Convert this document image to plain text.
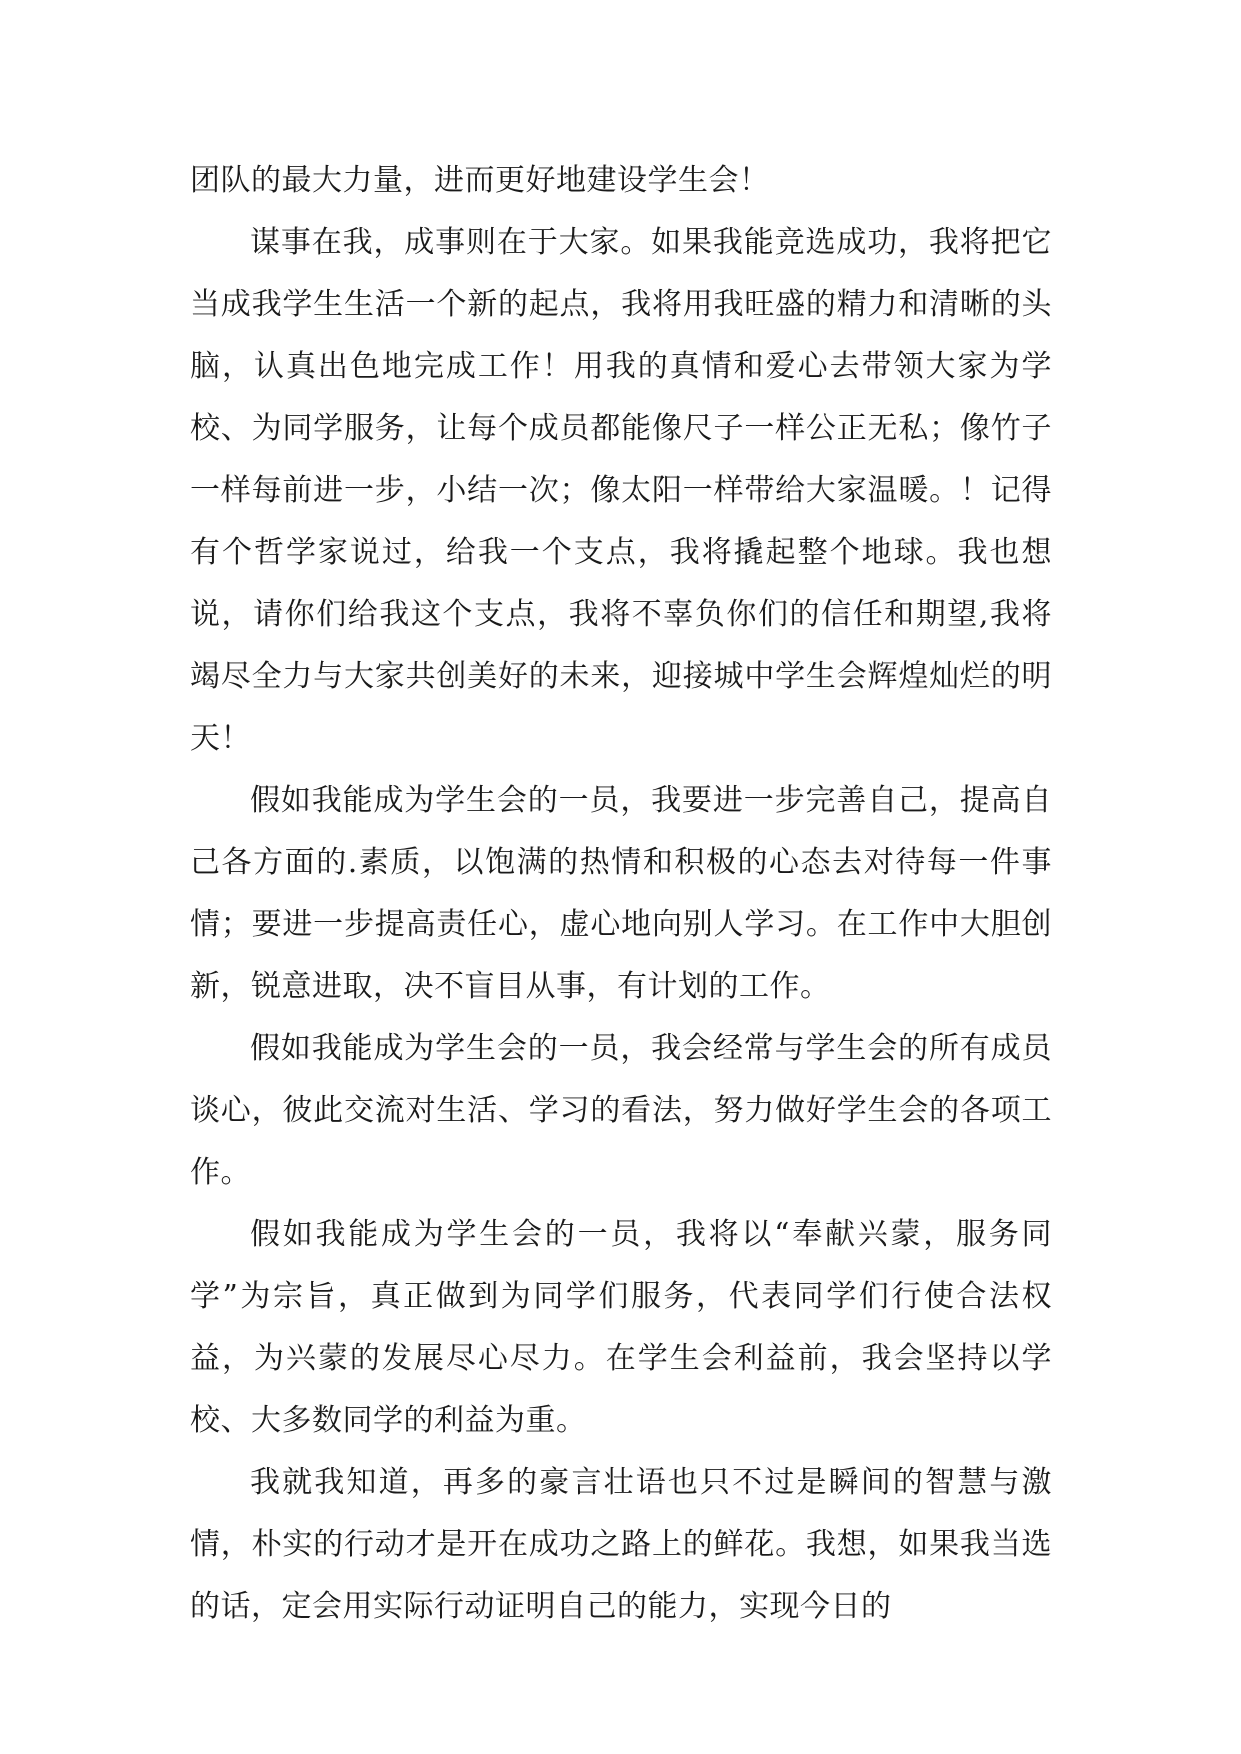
团队的最大力量，进而更好地建设学生会！

谋事在我，成事则在于大家。如果我能竞选成功，我将把它当成我学生生活一个新的起点，我将用我旺盛的精力和清晰的头脑，认真出色地完成工作！用我的真情和爱心去带领大家为学校、为同学服务，让每个成员都能像尺子一样公正无私；像竹子一样每前进一步，小结一次；像太阳一样带给大家温暖。！记得有个哲学家说过，给我一个支点，我将撬起整个地球。我也想说，请你们给我这个支点，我将不辜负你们的信任和期望,我将竭尽全力与大家共创美好的未来，迎接城中学生会辉煌灿烂的明天！

假如我能成为学生会的一员，我要进一步完善自己，提高自己各方面的.素质，以饱满的热情和积极的心态去对待每一件事情；要进一步提高责任心，虚心地向别人学习。在工作中大胆创新，锐意进取，决不盲目从事，有计划的工作。

假如我能成为学生会的一员，我会经常与学生会的所有成员谈心，彼此交流对生活、学习的看法，努力做好学生会的各项工作。

假如我能成为学生会的一员，我将以“奉献兴蒙，服务同学”为宗旨，真正做到为同学们服务，代表同学们行使合法权益，为兴蒙的发展尽心尽力。在学生会利益前，我会坚持以学校、大多数同学的利益为重。

我就我知道，再多的豪言壮语也只不过是瞬间的智慧与激情，朴实的行动才是开在成功之路上的鲜花。我想，如果我当选的话，定会用实际行动证明自己的能力，实现今日的
